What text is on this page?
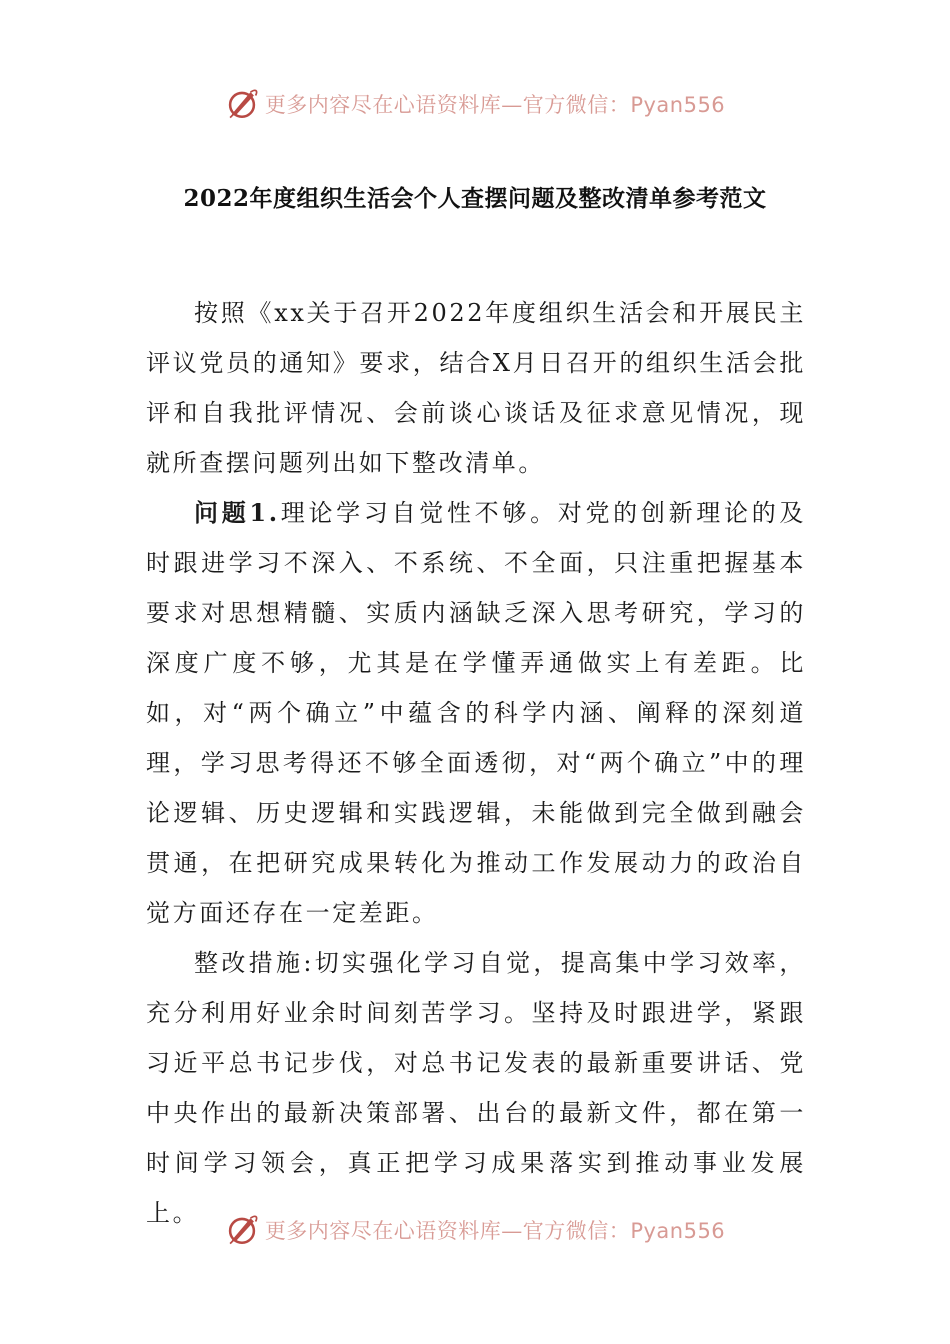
更多内容尽在心语资料库—官方微信：Pyan556
2022年度组织生活会个人查摆问题及整改清单参考范文

按照《xx关于召开2022年度组织生活会和开展民主评议党员的通知》要求，结合X月日召开的组织生活会批评和自我批评情况、会前谈心谈话及征求意见情况，现就所查摆问题列出如下整改清单。

问题1.理论学习自觉性不够。对党的创新理论的及时跟进学习不深入、不系统、不全面，只注重把握基本要求对思想精髓、实质内涵缺乏深入思考研究，学习的深度广度不够，尤其是在学懂弄通做实上有差距。比如，对“两个确立”中蕴含的科学内涵、阐释的深刻道理，学习思考得还不够全面透彻，对“两个确立”中的理论逻辑、历史逻辑和实践逻辑，未能做到完全做到融会贯通，在把研究成果转化为推动工作发展动力的政治自觉方面还存在一定差距。

整改措施:切实强化学习自觉，提高集中学习效率，充分利用好业余时间刻苦学习。坚持及时跟进学，紧跟习近平总书记步伐，对总书记发表的最新重要讲话、党中央作出的最新决策部署、出台的最新文件，都在第一时间学习领会，真正把学习成果落实到推动事业发展上。

更多内容尽在心语资料库—官方微信：Pyan556
